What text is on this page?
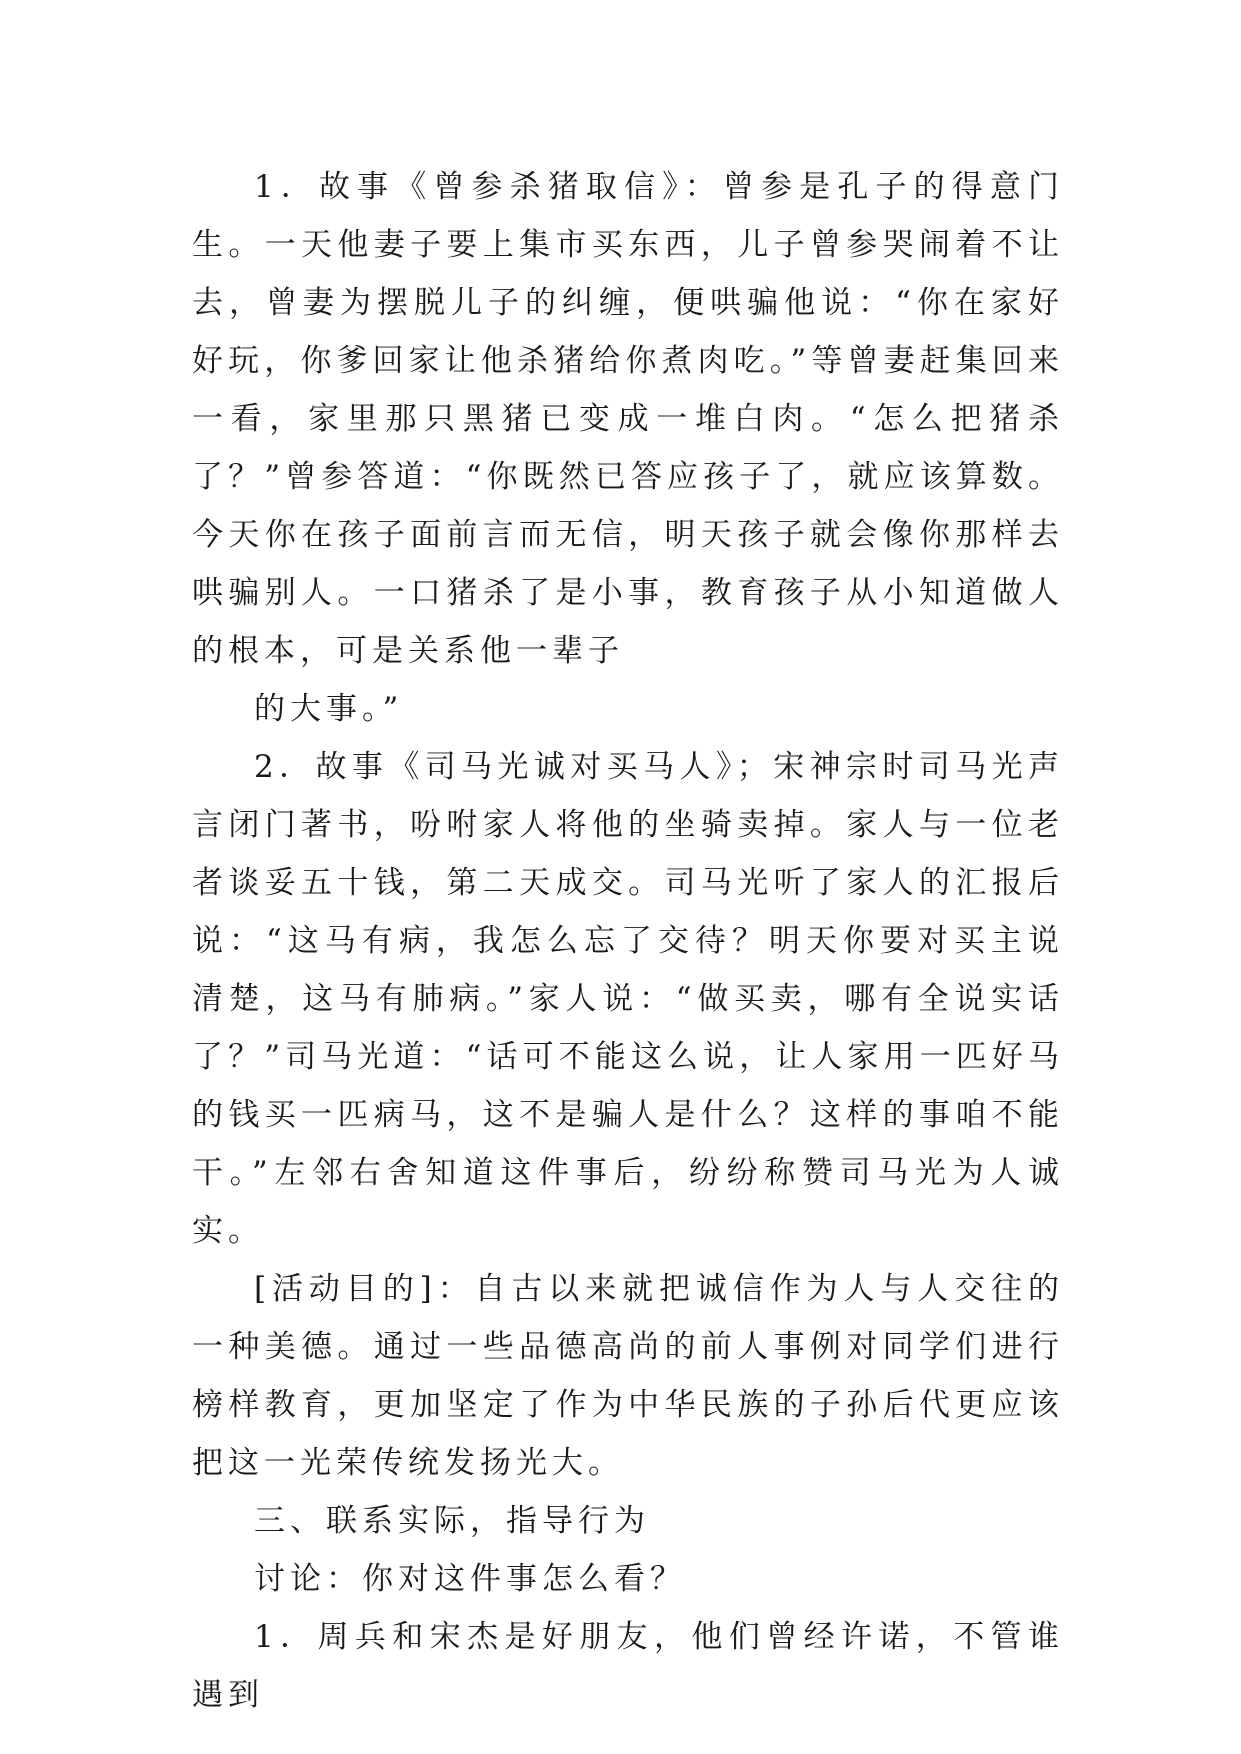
1．故事《曾参杀猪取信》：曾参是孔子的得意门生。一天他妻子要上集市买东西，儿子曾参哭闹着不让去，曾妻为摆脱儿子的纠缠，便哄骗他说：“你在家好好玩，你爹回家让他杀猪给你煮肉吃。”等曾妻赶集回来一看，家里那只黑猪已变成一堆白肉。“怎么把猪杀了？”曾参答道：“你既然已答应孩子了，就应该算数。今天你在孩子面前言而无信，明天孩子就会像你那样去哄骗别人。一口猪杀了是小事，教育孩子从小知道做人的根本，可是关系他一辈子

的大事。”

2．故事《司马光诚对买马人》；宋神宗时司马光声言闭门著书，吩咐家人将他的坐骑卖掉。家人与一位老者谈妥五十钱，第二天成交。司马光听了家人的汇报后说：“这马有病，我怎么忘了交待？明天你要对买主说清楚，这马有肺病。”家人说：“做买卖，哪有全说实话了？”司马光道：“话可不能这么说，让人家用一匹好马的钱买一匹病马，这不是骗人是什么？这样的事咱不能干。”左邻右舍知道这件事后，纷纷称赞司马光为人诚实。

[活动目的]：自古以来就把诚信作为人与人交往的一种美德。通过一些品德高尚的前人事例对同学们进行榜样教育，更加坚定了作为中华民族的子孙后代更应该把这一光荣传统发扬光大。

三、联系实际，指导行为

讨论：你对这件事怎么看？

1．周兵和宋杰是好朋友，他们曾经许诺，不管谁遇到
